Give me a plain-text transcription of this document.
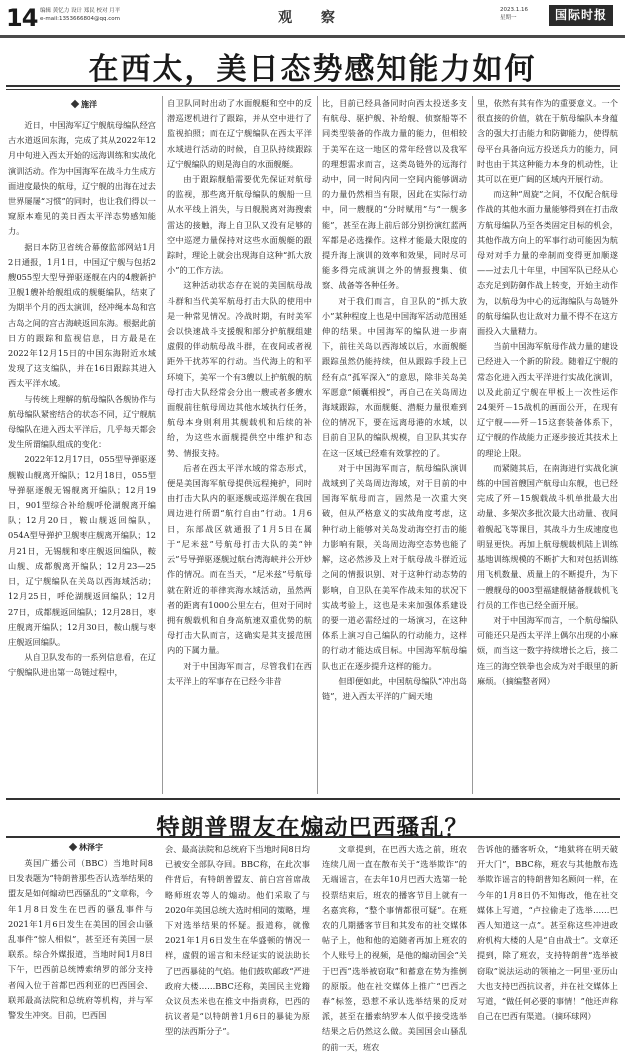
14 编辑 黄忆力 设计 郑民 校对 月平
e-mail:1353666804@qq.com	观 察	2023.1.16
星期一	国际时报
在西太，美日态势感知能力如何
施洋

近日，中国海军辽宁舰航母编队经宫古水道返回东海，完成了其从2022年12月中旬进入西太开始的远海训练和实战化演训活动。作为中国海军在战斗力生成方面进度最快的航母，辽宁舰的出海在过去世界屡屡“习惯”的同时，也让我们得以一窥原本难见的美日西太平洋态势感知能力。

据日本防卫省统合幕僚监部网站1月2日通报，1月1日，中国辽宁舰与包括2艘055型大型导弹驱逐舰在内的4艘新护卫舰1艘补给舰组成的舰艇编队，结束了为期半个月的西太演训，经冲绳本岛和宫古岛之间的宫古海峡返回东海。根据此前日方的跟踪和监视信息，日方最是在2022年12月15日的中国东海附近水域发现了这支编队，并在16日跟踪其进入西太平洋水域。

与传统上理解的航母编队各舰协作与航母编队紧密结合的状态不同，辽宁舰航母编队在进入西太平洋后，几乎每天都会发生所谓编队组成的变化：

2022年12月17日，055型导弹驱逐舰鞍山舰离开编队；12月18日，055型导弹驱逐舰无锡舰离开编队；12月19日，901型综合补给舰呼伦湖舰离开编队；12月20日，鞍山舰返回编队，054A型导弹护卫舰枣庄舰离开编队；12月21日，无锡舰和枣庄舰返回编队，鞍山舰、成都舰离开编队；12月23—25日，辽宁舰编队在关岛以西海域活动；12月25日，呼伦湖舰返回编队；12月27日，成都舰返回编队；12月28日，枣庄舰离开编队；12月30日，鞍山舰与枣庄舰返回编队。

从自卫队发布的一系列信息看，在辽宁舰编队进出第一岛链过程中，

自卫队同时出动了水面舰艇和空中的反潜巡逻机进行了跟踪，并从空中进行了监视拍照；而在辽宁舰编队在西太平洋水域进行活动的时候，自卫队持续跟踪辽宁舰编队的则是海自的水面舰艇。

由于跟踪舰船需要优先保证对航母的监视，那些离开航母编队的舰船一旦从水平线上消失，与日舰脱离对海搜索雷达的接触，海上自卫队又没有足够的空中巡逻力量保持对这些水面舰艇的跟踪时，理论上就会出现海自这种“抓大放小”的工作方法。

这种活动状态存在说的美国航母战斗群和当代美军航母打击大队的使用中是一种常见情况。冷战时期，有时美军会以快速战斗支援舰和部分护航舰组建虚假的伴动航母战斗群，在夜间或者视距外干扰苏军的行动。当代海上的和平环境下，美军一个有3艘以上护航舰的航母打击大队经常会分出一艘或者多艘水面舰前往航母周边其他水域执行任务，航母本身则利用其舰载机和后续的补给，为这些水面舰提供空中维护和态势、情报支持。

后者在西太平洋水域的常态形式，便是美国海军航母提供远程掩护，同时由打击大队内的驱逐舰或巡洋舰在我国周边进行所谓“航行自由”行动。1月6日，东部战区就通报了1月5日在属于“尼米兹”号航母打击大队的美“钟云”号导弹驱逐舰过航台湾海峡并公开炒作的情况。而在当天，“尼米兹”号航母就在附近的菲律宾海水域活动，虽然两者的距离有1000公里左右，但对于同时拥有舰载机和自身高航速双重优势的航母打击大队而言，这确实是其支援范围内的下属力量。

对于中国海军而言，尽管我们在西太平洋上的军事存在已经今非昔

比，目前已经具备同时向西太投送多支有航母、驱护舰、补给舰、侦察船等不同类型装备的作战力量的能力，但相较于美军在这一地区的常年经营以及我军的理想需求而言，这类岛链外的远海行动中，同一时间内同一空间内能够调动的力量仍然相当有限，因此在实际行动中，同一艘舰的“分时赋用”与“一舰多能”，甚至在海上前后部分别扮演红蓝两军都是必选操作。这样才能最大限度的提升海上演训的效率和效果，同时尽可能多得完成演训之外的情报搜集、侦察、战备等各种任务。

对于我们而言，自卫队的“抓大放小”某种程度上也是中国海军活动范围延伸的结果。中国海军的编队进一步南下，前往关岛以西海域以后，水面舰艇跟踪虽然仍能持续，但从跟踪手段上已经有点“孤军深入”的意思，除非关岛美军愿意“倾囊相授”，再自己在关岛周边海域跟踪，水面舰艇、潜艇力量很难到位的情况下，要在远离母港的水域，以目前自卫队的编队规模，自卫队其实存在这一区域已经难有效掌控的了。

对于中国海军而言，航母编队演训战域到了关岛周边海域，对于目前的中国海军航母而言，固然是一次重大突破，但从严格意义的实战角度考虑，这种行动上能够对关岛发动海空打击的能力影响有限，关岛周边海空态势也能了解，这必然涉及上对于航母战斗群近远之间的情报识别、对于这种行动态势的影响，自卫队在美军作战未知的状况下实战考验上，这也是未来加强体系建设的要一道必需经过的一场演习，在这种体系上演习自己编队的行动能力，这样的行动才能达成目标。中国海军航母编队也正在逐步提升这样的能力。

但即便如此，中国航母编队“冲出岛链”，进入西太平洋的广阔天地

里，依然有其有作为的重要意义。一个很直接的价值，就在于航母编队本身蕴含的强大打击能力和防御能力，使得航母平台具备向远方投送兵力的能力，同时也由于其这种能力本身的机动性，让其可以在更广阔的区域内开展行动。

而这种“周旋”之间，不仅配合航母作战的其他水面力量能够得到在打击敌方航母编队乃至各类固定目标的机会，其他作战方向上的军事行动可能因为航母对对手力量的牵制而变得更加顺遂——过去几十年里，中国军队已经从心态充足到防御作战上转变，开始主动作为，以航母为中心的远海编队与岛链外的航母编队也让敌对力量不得不在这方面投入大量精力。

当前中国海军航母作战力量的建设已经进入一个新的阶段。随着辽宁舰的常态化进入西太平洋进行实战化演训，以及此前辽宁舰在甲板上一次性运作24架歼－15战机的画面公开，在现有辽宁舰——歼－15这套装备体系下，辽宁舰的作战能力正逐步接近其技术上的理论上限。

而紧随其后，在南海进行实战化演练的中国首艘国产航母山东舰，也已经完成了歼－15舰载战斗机单批最大出动量、多架次多批次最大出动量、夜间着舰起飞等课目，其战斗力生成速度也明显更快。再加上航母舰载机陆上训练基地训练规模的不断扩大和对包括训练用飞机数量、质量上的不断提升，为下一艘舰母的003型福建舰储备舰载机飞行员的工作也已经全面开展。

对于中国海军而言，一个航母编队可能还只是西太平洋上偶尔出现的小麻烦，而当这一数字持续增长之后，接二连三的海空铁拳也会成为对手眼里的新麻烦。（摘编整者网）

特朗普盟友在煽动巴西骚乱？
林泽宇

英国广播公司（BBC）当地时间8日发表题为“特朗普那些否认选举结果的盟友是如何煽动巴西骚乱的”文章称，今年1月8日发生在巴西的骚乱事件与2021年1月6日发生在美国的国会山骚乱事件“惊人相似”，甚至还有美国一层联系。综合外媒报道，当地时间1月8日下午，巴西前总统博索纳罗的部分支持者闯入位于首都巴西利亚的巴西国会、联邦最高法院和总统府等机构，并与军警发生冲突。目前，巴西国

会、最高法院和总统府下当地时间8日均已被安全部队夺回。BBC称，在此次事件背后，有特朗普盟友、前白宫首席战略师班农等人的煽动。他们采取了与2020年美国总统大选时相同的策略，埋下对选举结果的怀疑。报道称，就像2021年1月6日发生在华盛顿的情况一样，虚假的谣言和未经证实的说法助长了巴西暴徒的气焰。他们鼓吹邮政“严进政府大楼……BBC还称，美国民主党籍众议员杰米也在推文中指责称，巴西的抗议者是“以特朗普1月6日的暴徒为原型的法西斯分子”。

文章提到，在巴西大选之前，班农连续几周一直在散布关于“选举欺诈”的无端谣言，在去年10月巴西大选第一轮投票结束后，班农的播客节目上就有一名嘉宾称，“整个事情都很可疑”。在班农的几期播客节目和其发布的社交媒体帖子上，他和他的追随者再加上班农的个人账号上的视频，是他的煽动国会“关于巴西”选举被窃取”和蓄意在势为推倒的原版。他在社交媒体上推广“巴西之春”标签，恐惹不承认选举结果的反对派，甚至在播索纳罗本人似乎接受选举结果之后仍然这么做。美国国会山骚乱的前一天，班农

告诉他的播客听众，“地狱将在明天破开大门”，BBC称，班农与其他散布选举欺诈谣言的特朗普知名顾问一样，在今年的1月8日仍不知悔改，他在社交媒体上写道，“卢拉偷走了选举……巴西人知道这一点”。甚至称这些冲进政府机构大楼的人是“自由战士”。文章还提到，除了班农，支持特朗普“选举被窃取”说法运动的领袖之一阿里·亚历山大也支持巴西抗议者，并在社交媒体上写道，“做任何必要的事情！”他还声称自己在巴西有渠道。（摘环球网）
